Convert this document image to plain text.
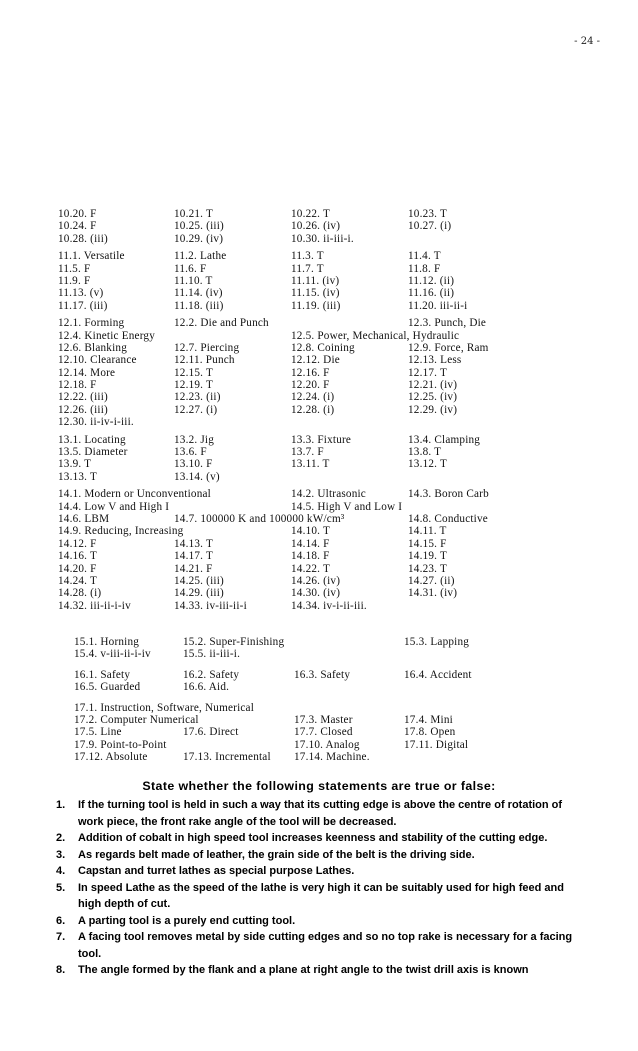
- 24 -
10.20. F	10.21. T	10.22. T	10.23. T
10.24. F	10.25. (iii)	10.26. (iv)	10.27. (i)
10.28. (iii)	10.29. (iv)	10.30. ii-iii-i.
11.1. Versatile	11.2. Lathe	11.3. T	11.4. T
11.5. F	11.6. F	11.7. T	11.8. F
11.9. F	11.10. T	11.11. (iv)	11.12. (ii)
11.13. (v)	11.14. (iv)	11.15. (iv)	11.16. (ii)
11.17. (iii)	11.18. (iii)	11.19. (iii)	11.20. iii-ii-i
12.1. Forming	12.2. Die and Punch	12.3. Punch, Die
12.4. Kinetic Energy	12.5. Power, Mechanical, Hydraulic
12.6. Blanking	12.7. Piercing	12.8. Coining	12.9. Force, Ram
12.10. Clearance	12.11. Punch	12.12. Die	12.13. Less
12.14. More	12.15. T	12.16. F	12.17. T
12.18. F	12.19. T	12.20. F	12.21. (iv)
12.22. (iii)	12.23. (ii)	12.24. (i)	12.25. (iv)
12.26. (iii)	12.27. (i)	12.28. (i)	12.29. (iv)
12.30. ii-iv-i-iii.
13.1. Locating	13.2. Jig	13.3. Fixture	13.4. Clamping
13.5. Diameter	13.6. F	13.7. F	13.8. T
13.9. T	13.10. F	13.11. T	13.12. T
13.13. T	13.14. (v)
14.1. Modern or Unconventional	14.2. Ultrasonic	14.3. Boron Carb
14.4. Low V and High I	14.5. High V and Low I
14.6. LBM	14.7. 100000 K and 100000 kW/cm³	14.8. Conductive
14.9. Reducing, Increasing	14.10. T	14.11. T
14.12. F	14.13. T	14.14. F	14.15. F
14.16. T	14.17. T	14.18. F	14.19. T
14.20. F	14.21. F	14.22. T	14.23. T
14.24. T	14.25. (iii)	14.26. (iv)	14.27. (ii)
14.28. (i)	14.29. (iii)	14.30. (iv)	14.31. (iv)
14.32. iii-ii-i-iv	14.33. iv-iii-ii-i	14.34. iv-i-ii-iii.
15.1. Horning	15.2. Super-Finishing	15.3. Lapping
15.4. v-iii-ii-i-iv	15.5. ii-iii-i.
16.1. Safety	16.2. Safety	16.3. Safety	16.4. Accident
16.5. Guarded	16.6. Aid.
17.1. Instruction, Software, Numerical
17.2. Computer Numerical	17.3. Master	17.4. Mini
17.5. Line	17.6. Direct	17.7. Closed	17.8. Open
17.9. Point-to-Point	17.10. Analog	17.11. Digital
17.12. Absolute	17.13. Incremental 17.14. Machine.
State whether the following statements are true or false:
1. If the turning tool is held in such a way that its cutting edge is above the centre of rotation of work piece, the front rake angle of the tool will be decreased.
2. Addition of cobalt in high speed tool increases keenness and stability of the cutting edge.
3. As regards belt made of leather, the grain side of the belt is the driving side.
4. Capstan and turret lathes as special purpose Lathes.
5. In speed Lathe as the speed of the lathe is very high it can be suitably used for high feed and high depth of cut.
6. A parting tool is a purely end cutting tool.
7. A facing tool removes metal by side cutting edges and so no top rake is necessary for a facing tool.
8. The angle formed by the flank and a plane at right angle to the twist drill axis is known
